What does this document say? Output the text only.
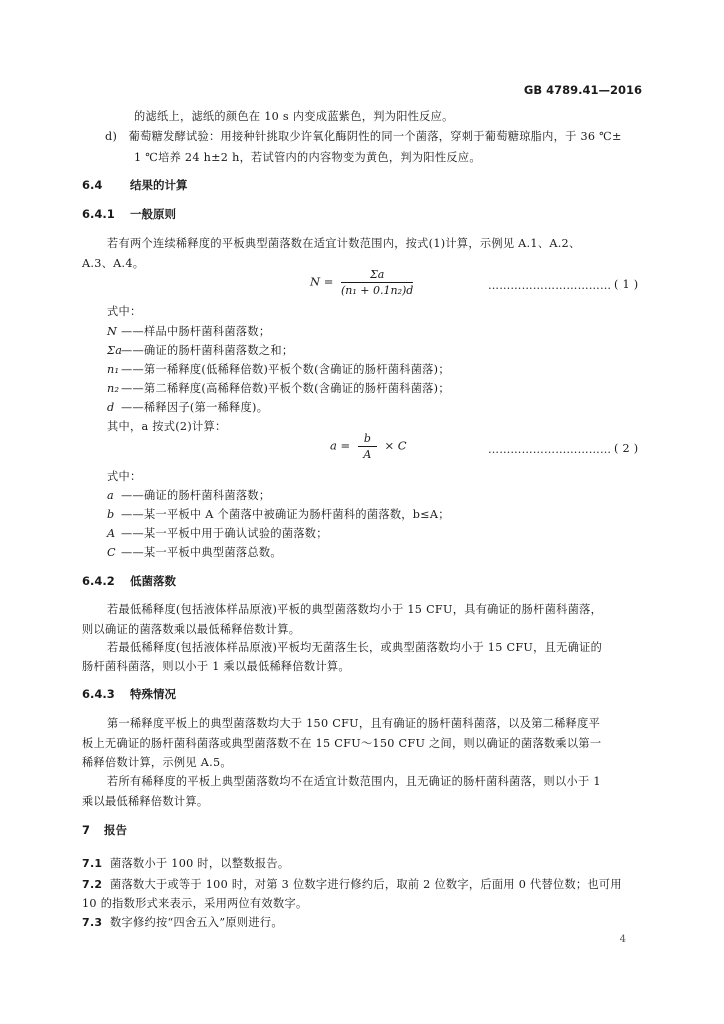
GB 4789.41—2016
的滤纸上，滤纸的颜色在 10 s 内变成蓝紫色，判为阳性反应。
d)　葡萄糖发酵试验：用接种针挑取少许氧化酶阴性的同一个菌落，穿刺于葡萄糖琼脂内，于 36 ℃±
1 ℃培养 24 h±2 h，若试管内的内容物变为黄色，判为阳性反应。
6.4 结果的计算
6.4.1 一般原则
若有两个连续稀释度的平板典型菌落数在适宜计数范围内，按式(1)计算，示例见 A.1、A.2、
A.3、A.4。
$N = \frac{\Sigma a}{\text{(n₁ + 0.1n₂)d}}$	…………………………… ( 1 )
式中：
N ——样品中肠杆菌科菌落数；
Σa——确证的肠杆菌科菌落数之和；
n₁ ——第一稀释度(低稀释倍数)平板个数(含确证的肠杆菌科菌落)；
n₂ ——第二稀释度(高稀释倍数)平板个数(含确证的肠杆菌科菌落)；
d ——稀释因子(第一稀释度)。
其中，a 按式(2)计算：
$a = \frac{b}{A} \times C$	…………………………… ( 2 )
式中：
a ——确证的肠杆菌科菌落数；
b ——某一平板中 A 个菌落中被确证为肠杆菌科的菌落数，b≤A；
A ——某一平板中用于确认试验的菌落数；
C ——某一平板中典型菌落总数。
6.4.2 低菌落数
若最低稀释度(包括液体样品原液)平板的典型菌落数均小于 15 CFU，具有确证的肠杆菌科菌落，
则以确证的菌落数乘以最低稀释倍数计算。
若最低稀释度(包括液体样品原液)平板均无菌落生长，或典型菌落数均小于 15 CFU，且无确证的
肠杆菌科菌落，则以小于 1 乘以最低稀释倍数计算。
6.4.3 特殊情况
第一稀释度平板上的典型菌落数均大于 150 CFU，且有确证的肠杆菌科菌落，以及第二稀释度平
板上无确证的肠杆菌科菌落或典型菌落数不在 15 CFU～150 CFU 之间，则以确证的菌落数乘以第一
稀释倍数计算，示例见 A.5。
若所有稀释度的平板上典型菌落数均不在适宜计数范围内，且无确证的肠杆菌科菌落，则以小于 1
乘以最低稀释倍数计算。
7 报告
7.1 菌落数小于 100 时，以整数报告。
7.2 菌落数大于或等于 100 时，对第 3 位数字进行修约后，取前 2 位数字，后面用 0 代替位数；也可用
10 的指数形式来表示，采用两位有效数字。
7.3 数字修约按“四舍五入”原则进行。
4
